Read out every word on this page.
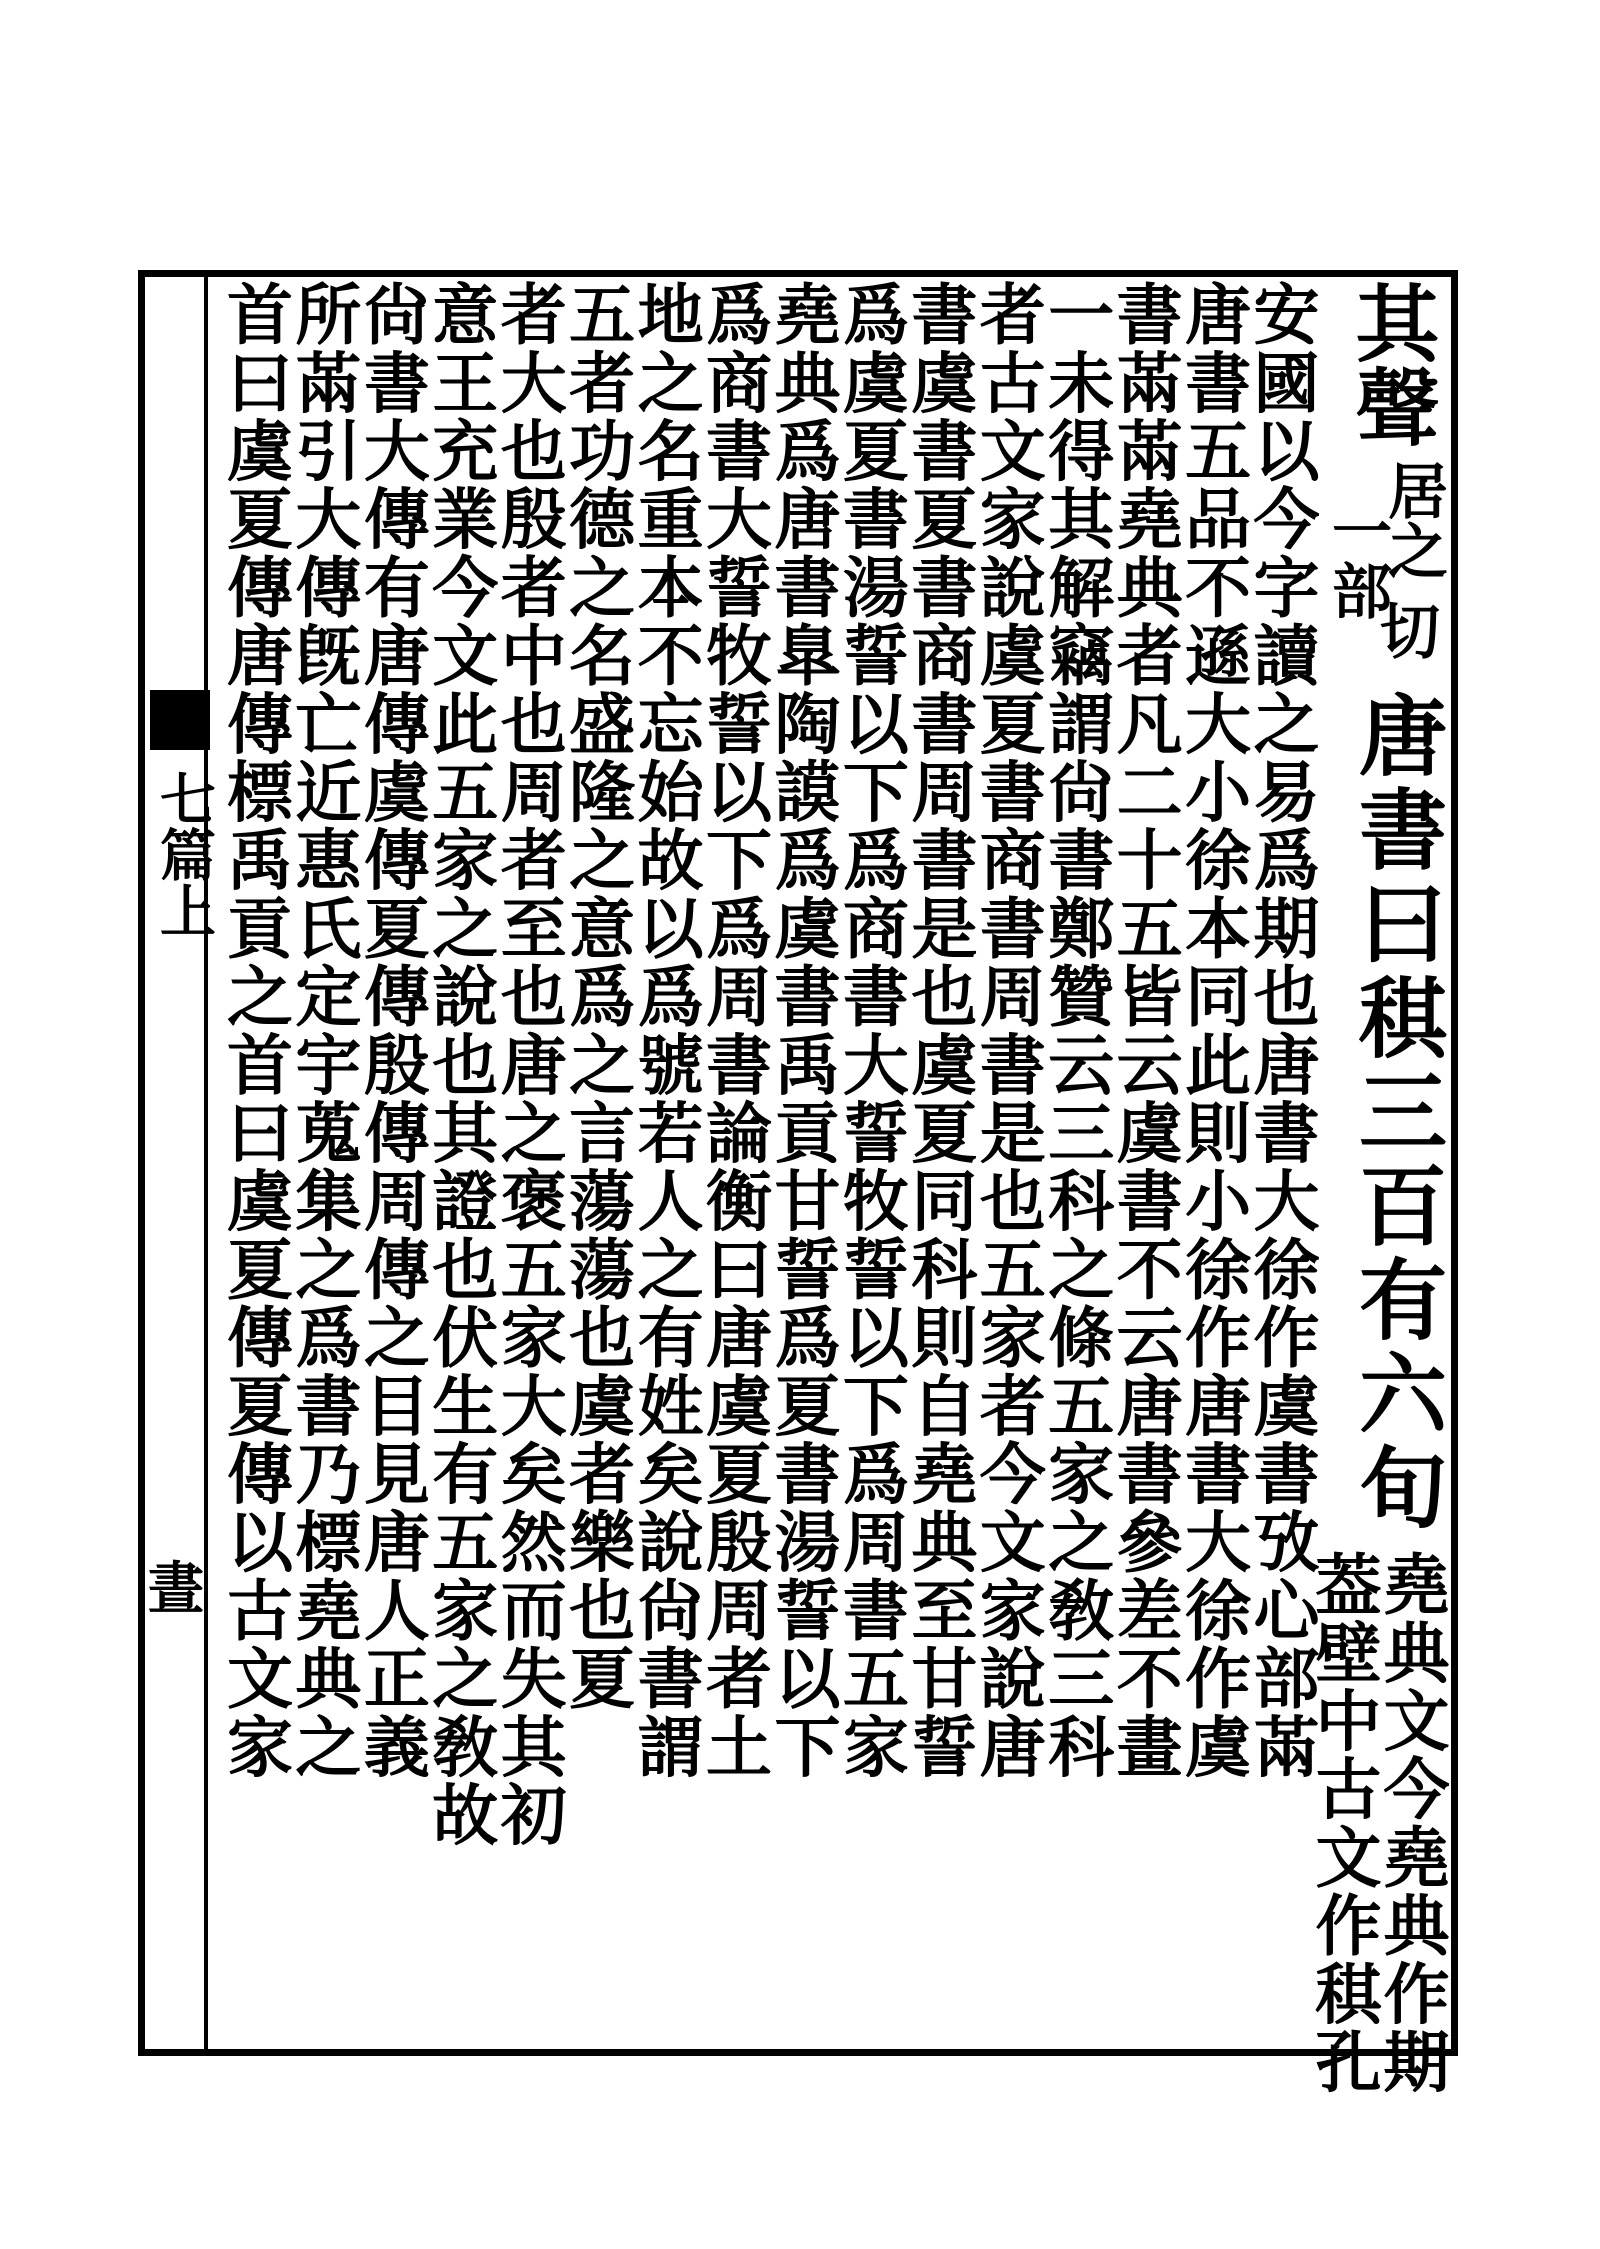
七篇上
晝
其聲
居之
一部
切
唐書曰稘三百有六旬
堯典文今堯典作期
葢壁中古文作稘孔
安國以今字讀之易爲期也唐書大徐作虞書攷心部㒼
唐書五品不遜大小徐本同此則小徐作唐書大徐作虞
書㒼㒼堯典者凡二十五皆云虞書不云唐書參差不畫
一未得其解竊謂尙書鄭贊云三科之條五家之敎三科
者古文家說虞夏書商書周書是也五家者今文家說唐
書虞書夏書商書周書是也虞夏同科則自堯典至甘誓
爲虞夏書湯誓以下爲商書大誓牧誓以下爲周書五家
堯典爲唐書臯陶謨爲虞書禹貢甘誓爲夏書湯誓以下
爲商書大誓牧誓以下爲周書論衡曰唐虞夏殷周者土
地之名重本不忘始故以爲號若人之有姓矣說尙書謂
五者功德之名盛隆之意爲之言蕩蕩也虞者樂也夏
者大也殷者中也周者至也唐之褒五家大矣然而失其初
意王充業今文此五家之說也其證也伏生有五家之敎故
尙書大傳有唐傳虞傳夏傳殷傳周傳之目見唐人正義
所㒼引大傳旣亡近惠氏定宇蒐集之爲書乃標堯典之
首曰虞夏傳唐傳標禹貢之首曰虞夏傳夏傳以古文家
